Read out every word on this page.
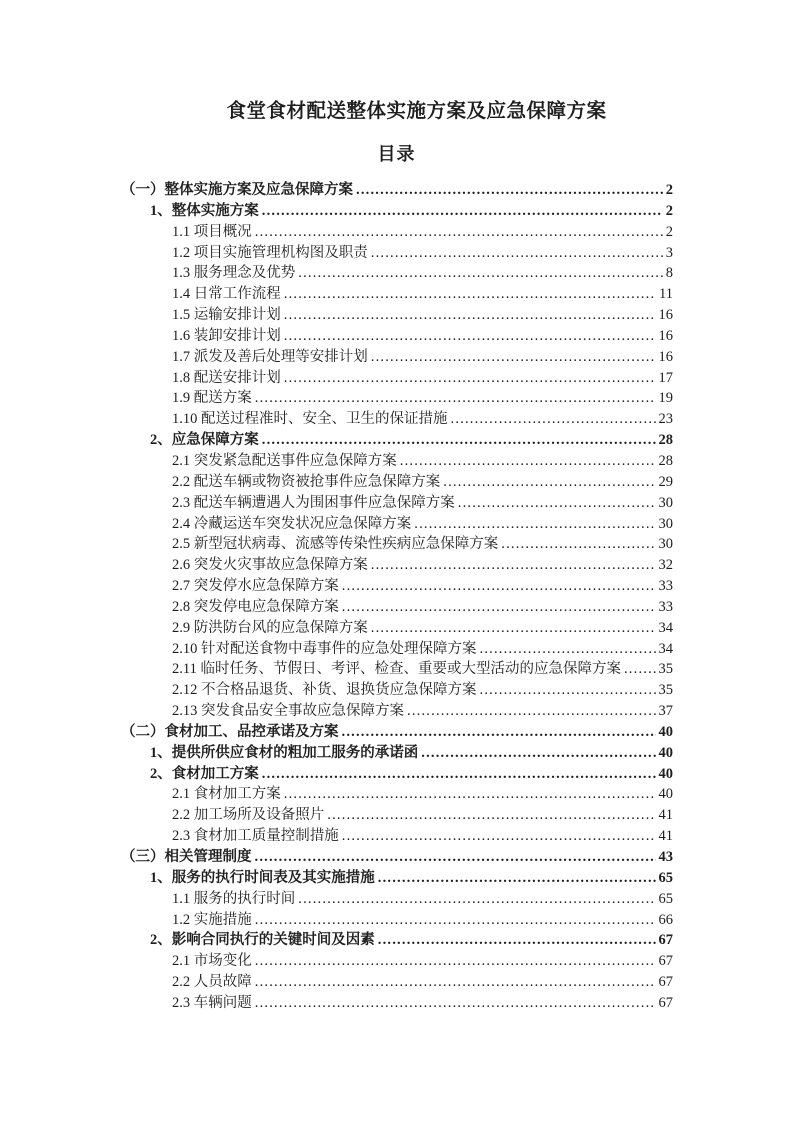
食堂食材配送整体实施方案及应急保障方案
目录
（一）整体实施方案及应急保障方案 .....	2
1、整体实施方案 .....	2
1.1 项目概况 .....	2
1.2 项目实施管理机构图及职责 .....	3
1.3 服务理念及优势 .....	8
1.4 日常工作流程 .....	11
1.5 运输安排计划 .....	16
1.6 装卸安排计划 .....	16
1.7 派发及善后处理等安排计划 .....	16
1.8 配送安排计划 .....	17
1.9 配送方案 .....	19
1.10 配送过程准时、安全、卫生的保证措施 .....	23
2、应急保障方案 .....	28
2.1 突发紧急配送事件应急保障方案 .....	28
2.2 配送车辆或物资被抢事件应急保障方案 .....	29
2.3 配送车辆遭遇人为围困事件应急保障方案 .....	30
2.4 冷藏运送车突发状况应急保障方案 .....	30
2.5 新型冠状病毒、流感等传染性疾病应急保障方案 .....	30
2.6 突发火灾事故应急保障方案 .....	32
2.7 突发停水应急保障方案 .....	33
2.8 突发停电应急保障方案 .....	33
2.9 防洪防台风的应急保障方案 .....	34
2.10 针对配送食物中毒事件的应急处理保障方案 .....	34
2.11 临时任务、节假日、考评、检查、重要或大型活动的应急保障方案 .....	35
2.12 不合格品退货、补货、退换货应急保障方案 .....	35
2.13 突发食品安全事故应急保障方案 .....	37
（二）食材加工、品控承诺及方案 .....	40
1、提供所供应食材的粗加工服务的承诺函 .....	40
2、食材加工方案 .....	40
2.1 食材加工方案 .....	40
2.2 加工场所及设备照片 .....	41
2.3 食材加工质量控制措施 .....	41
（三）相关管理制度 .....	43
1、服务的执行时间表及其实施措施 .....	65
1.1 服务的执行时间 .....	65
1.2 实施措施 .....	66
2、影响合同执行的关键时间及因素 .....	67
2.1 市场变化 .....	67
2.2 人员故障 .....	67
2.3 车辆问题 .....	67
